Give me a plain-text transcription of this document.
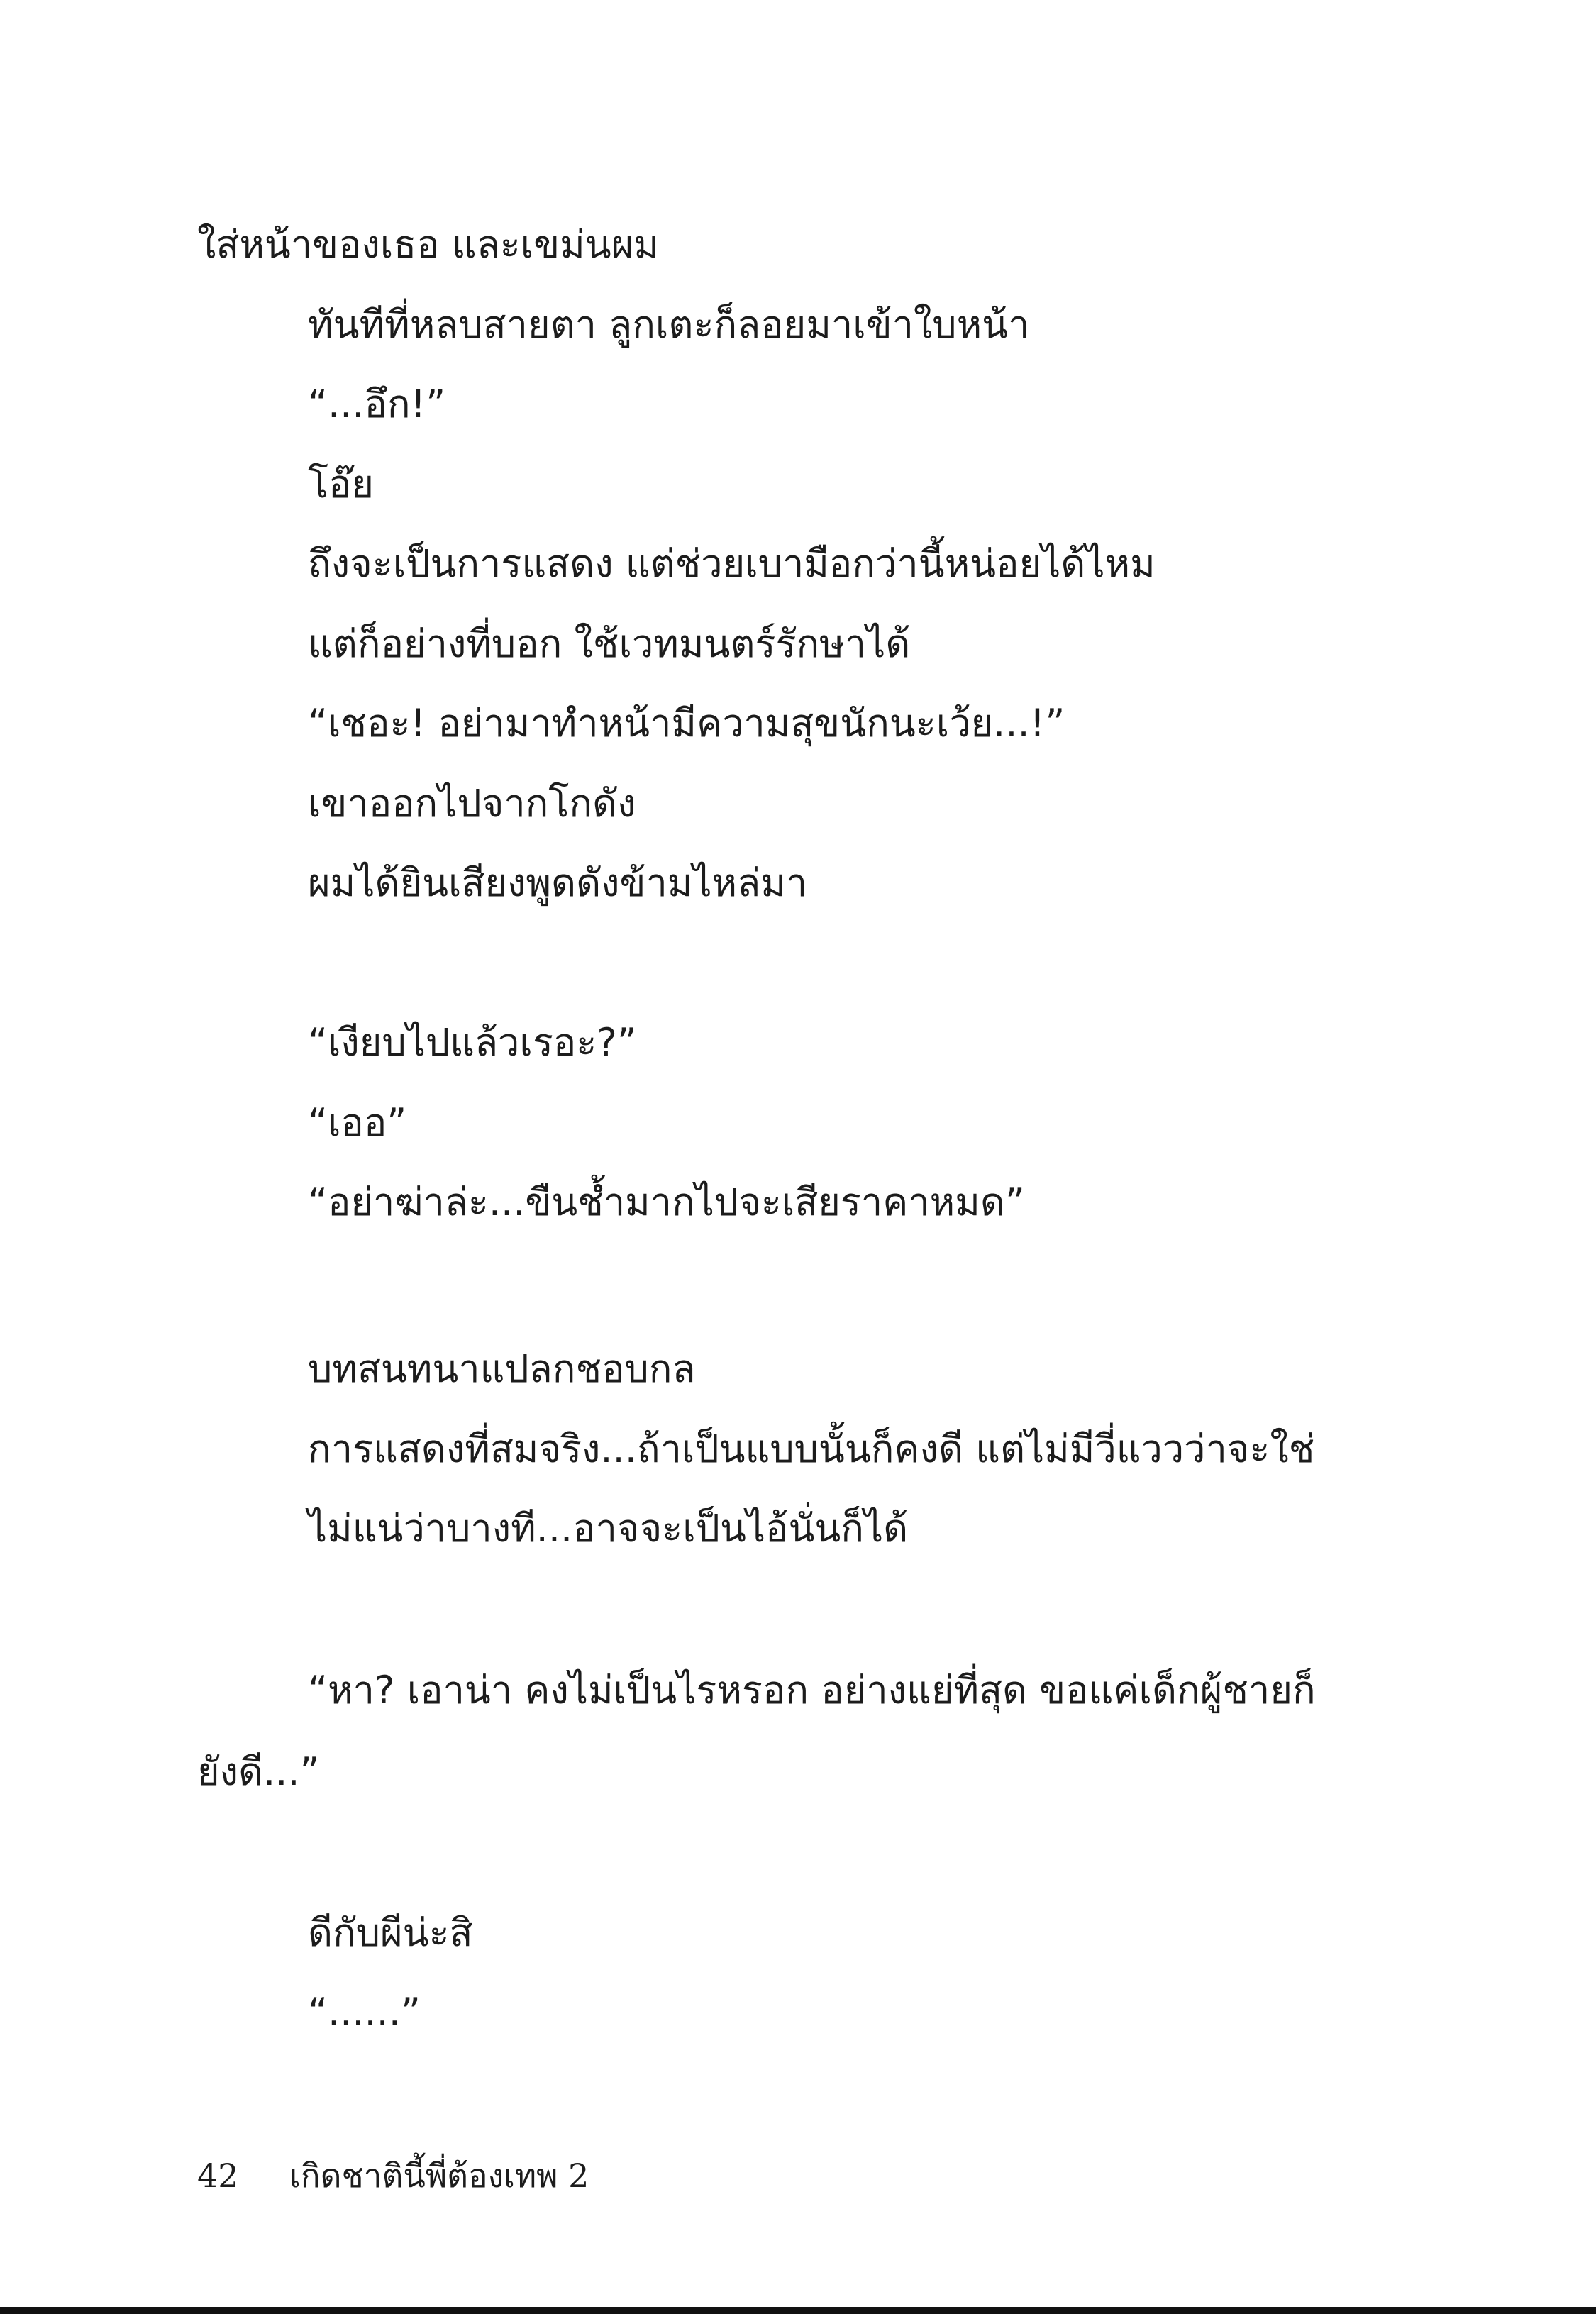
ใส่หน้าของเธอ และเขม่นผม
ทันทีที่หลบสายตา ลูกเตะก็ลอยมาเข้าใบหน้า
“...อึก!”
โอ๊ย
ถึงจะเป็นการแสดง แต่ช่วยเบามือกว่านี้หน่อยได้ไหม
แต่ก็อย่างที่บอก ใช้เวทมนตร์รักษาได้
“เชอะ! อย่ามาทำหน้ามีความสุขนักนะเว้ย...!”
เขาออกไปจากโกดัง
ผมได้ยินเสียงพูดดังข้ามไหล่มา
“เงียบไปแล้วเรอะ?”
“เออ”
“อย่าฆ่าล่ะ...ขืนช้ำมากไปจะเสียราคาหมด”
บทสนทนาแปลกชอบกล
การแสดงที่สมจริง...ถ้าเป็นแบบนั้นก็คงดี แต่ไม่มีวี่แววว่าจะใช่
ไม่แน่ว่าบางที...อาจจะเป็นไอ้นั่นก็ได้
“หา? เอาน่า คงไม่เป็นไรหรอก อย่างแย่ที่สุด ขอแค่เด็กผู้ชายก็
ยังดี...”
ดีกับผีน่ะสิ
“......”
42 เกิดชาตินี้พี่ต้องเทพ 2
